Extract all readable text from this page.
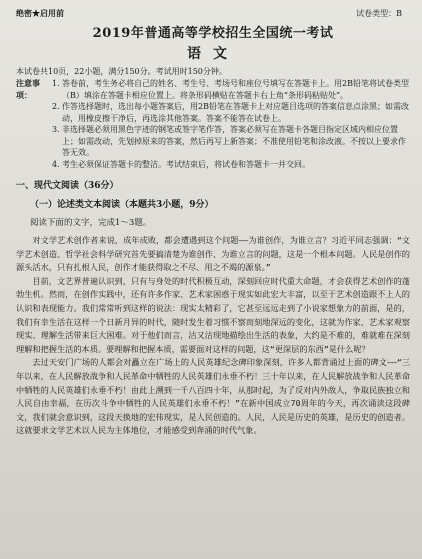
绝密★启用前	试卷类型：B
2019年普通高等学校招生全国统一考试
语文
本试卷共10页，22小题，满分150分。考试用时150分钟。
注意事项：
1. 答卷前，考生务必将自己的姓名、考生号、考场号和座位号填写在答题卡上。用2B铅笔将试卷类型（B）填涂在答题卡相应位置上。将条形码横贴在答题卡右上角“条形码粘贴处”。
2. 作答选择题时，选出每小题答案后，用2B铅笔在答题卡上对应题目选项的答案信息点涂黑；如需改动，用橡皮擦干净后，再选涂其他答案。答案不能答在试卷上。
3. 非选择题必须用黑色字迹的钢笔或签字笔作答，答案必须写在答题卡各题目指定区域内相应位置上；如需改动，先划掉原来的答案，然后再写上新答案；不准使用铅笔和涂改液。不按以上要求作答无效。
4. 考生必须保证答题卡的整洁。考试结束后，将试卷和答题卡一并交回。
一、现代文阅读（36分）
（一）论述类文本阅读（本题共3小题，9分）
阅读下面的文字，完成1～3题。

对文学艺术创作者来说，成年成败，都会遭遇到这个问题——为谁创作，为谁立言？习近平同志强调：“文学艺术创造、哲学社会科学研究首先要搞清楚为谁创作、为谁立言的问题，这是一个根本问题。人民是创作的源头活水，只有扎根人民，创作才能获得取之不尽、用之不竭的源泉。”

目前，文艺界普遍认识到，只有与身处的时代积极互动，深刻回应时代重大命题，才会获得艺术创作的蓬勃生机。然而，在创作实践中，还有许多作家、艺术家困惑于现实如此宏大丰富，以至于艺术创造跟不上人的认识和表现能力。我们常常听到这样的说法：现实太精彩了，它甚至远远走到了小说家想象力的前面，是的，我们有幸生活在这样一个日新月异的时代，随时发生着习惯不察而刻地深远的变化，这就为作家、艺术家观察现实、理解生活带来巨大困难。对于他们而言，沽又沽现地描绘出生活的表象，大约是不难的，难就难在深刻理解和把握生活的本质。要理解和把握本质，需要面对这样的问题，这“更深层的东西”是什么呢？

去过天安门广场的人都会对矗立在广场上的人民英雄纪念碑印象深刻，许多人都背诵过上面的碑文——“三年以来，在人民解放战争和人民革命中牺牲的人民英雄们永垂不朽！三十年以来，在人民解放战争和人民革命中牺牲的人民英雄们永垂不朽！由此上溯到一千八百四十年，从那时起，为了反对内外敌人，争取民族独立和人民自由幸福，在历次斗争中牺牲的人民英雄们永垂不朽！”在新中国成立70周年的今天，再次诵读这段碑文，我们就会意识到，这段天换地的宏伟现实，是人民创造的。人民，人民是历史的英雄，是历史的创造者。这就要求文学艺术以人民为主体地位，才能感受到奔涌的时代气象。
